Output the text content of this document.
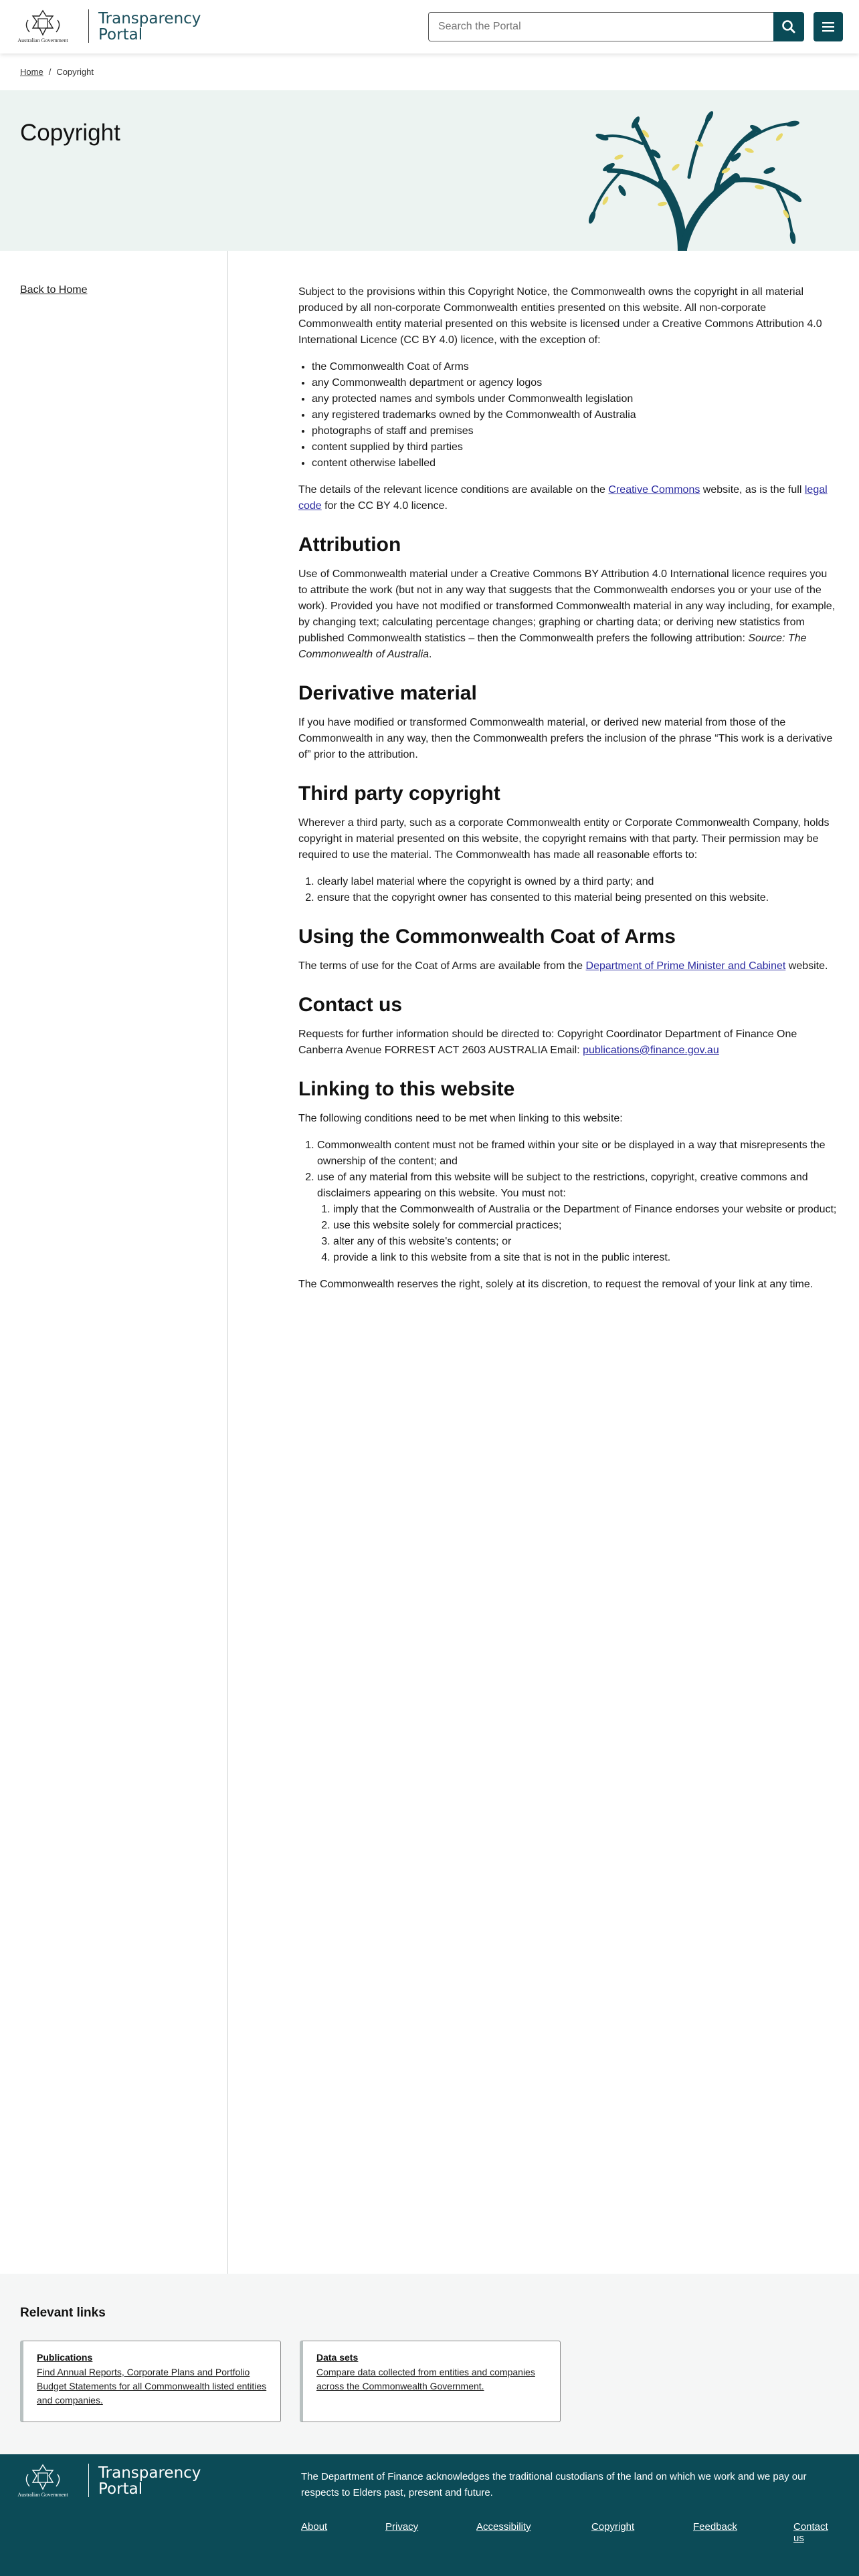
Australian Government
Transparency
Portal
Search the Portal
Home / Copyright
Copyright
Back to Home	Subject to the provisions within this Copyright Notice, the Commonwealth owns the copyright in all material produced by all non-corporate Commonwealth entities presented on this website. All non-corporate Commonwealth entity material presented on this website is licensed under a Creative Commons Attribution 4.0 International Licence (CC BY 4.0) licence, with the exception of:

• the Commonwealth Coat of Arms
• any Commonwealth department or agency logos
• any protected names and symbols under Commonwealth legislation
• any registered trademarks owned by the Commonwealth of Australia
• photographs of staff and premises
• content supplied by third parties
• content otherwise labelled

The details of the relevant licence conditions are available on the Creative Commons website, as is the full legal code for the CC BY 4.0 licence.

Attribution

Use of Commonwealth material under a Creative Commons BY Attribution 4.0 International licence requires you to attribute the work (but not in any way that suggests that the Commonwealth endorses you or your use of the work). Provided you have not modified or transformed Commonwealth material in any way including, for example, by changing text; calculating percentage changes; graphing or charting data; or deriving new statistics from published Commonwealth statistics – then the Commonwealth prefers the following attribution: Source: The Commonwealth of Australia.

Derivative material

If you have modified or transformed Commonwealth material, or derived new material from those of the Commonwealth in any way, then the Commonwealth prefers the inclusion of the phrase “This work is a derivative of” prior to the attribution.

Third party copyright

Wherever a third party, such as a corporate Commonwealth entity or Corporate Commonwealth Company, holds copyright in material presented on this website, the copyright remains with that party. Their permission may be required to use the material. The Commonwealth has made all reasonable efforts to:

1. clearly label material where the copyright is owned by a third party; and
2. ensure that the copyright owner has consented to this material being presented on this website.
Using the Commonwealth Coat of Arms

The terms of use for the Coat of Arms are available from the Department of Prime Minister and Cabinet website.

Contact us

Requests for further information should be directed to: Copyright Coordinator Department of Finance One Canberra Avenue FORREST ACT 2603 AUSTRALIA Email: publications@finance.gov.au

Linking to this website

The following conditions need to be met when linking to this website:

1. Commonwealth content must not be framed within your site or be displayed in a way that misrepresents the ownership of the content; and
2. use of any material from this website will be subject to the restrictions, copyright, creative commons and disclaimers appearing on this website. You must not:
1. imply that the Commonwealth of Australia or the Department of Finance endorses your website or product;
2. use this website solely for commercial practices;
3. alter any of this website's contents; or
4. provide a link to this website from a site that is not in the public interest.

The Commonwealth reserves the right, solely at its discretion, to request the removal of your link at any time.

Relevant links
Publications
Find Annual Reports, Corporate Plans and Portfolio Budget Statements for all Commonwealth listed entities and companies.
Data sets
Compare data collected from entities and companies across the Commonwealth Government.
Australian Government
Transparency
Portal

The Department of Finance acknowledges the traditional custodians of the land on which we work and we pay our respects to Elders past, present and future.

About	Privacy	Accessibility	Copyright	Feedback	Contact us
